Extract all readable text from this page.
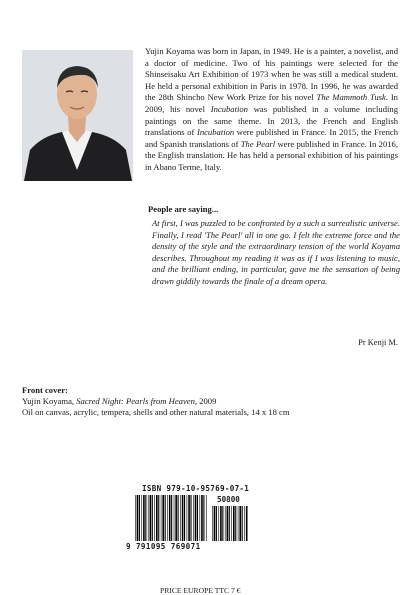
Yujin Koyama was born in Japan, in 1949. He is a painter, a novelist, and a doctor of medicine. Two of his paintings were selected for the Shinseisaku Art Exhibition of 1973 when he was still a medical student. He held a personal exhibition in Paris in 1978. In 1996, he was awarded the 28th Shincho New Work Prize for his novel The Mammoth Tusk. In 2009, his novel Incubation was published in a volume including paintings on the same theme. In 2013, the French and English translations of Incubation were published in France. In 2015, the French and Spanish translations of The Pearl were published in France. In 2016, the English translation. He has held a personal exhibition of his paintings in Abano Terme, Italy.

People are saying...

At first, I was puzzled to be confronted by a such a surrealistic universe. Finally, I read 'The Pearl' all in one go. I felt the extreme force and the density of the style and the extraordinary tension of the world Koyama describes. Throughout my reading it was as if I was listening to music, and the brilliant ending, in particular, gave me the sensation of being drawn giddily towards the finale of a dream opera.

Pr Kenji M.

Front cover:

Yujin Koyama, Sacred Night: Pearls from Heaven, 2009

Oil on canvas, acrylic, tempera, shells and other natural materials, 14 x 18 cm

ISBN 979-10-95769-07-1
50800
9 791095 769071

PRICE EUROPE TTC 7 €
